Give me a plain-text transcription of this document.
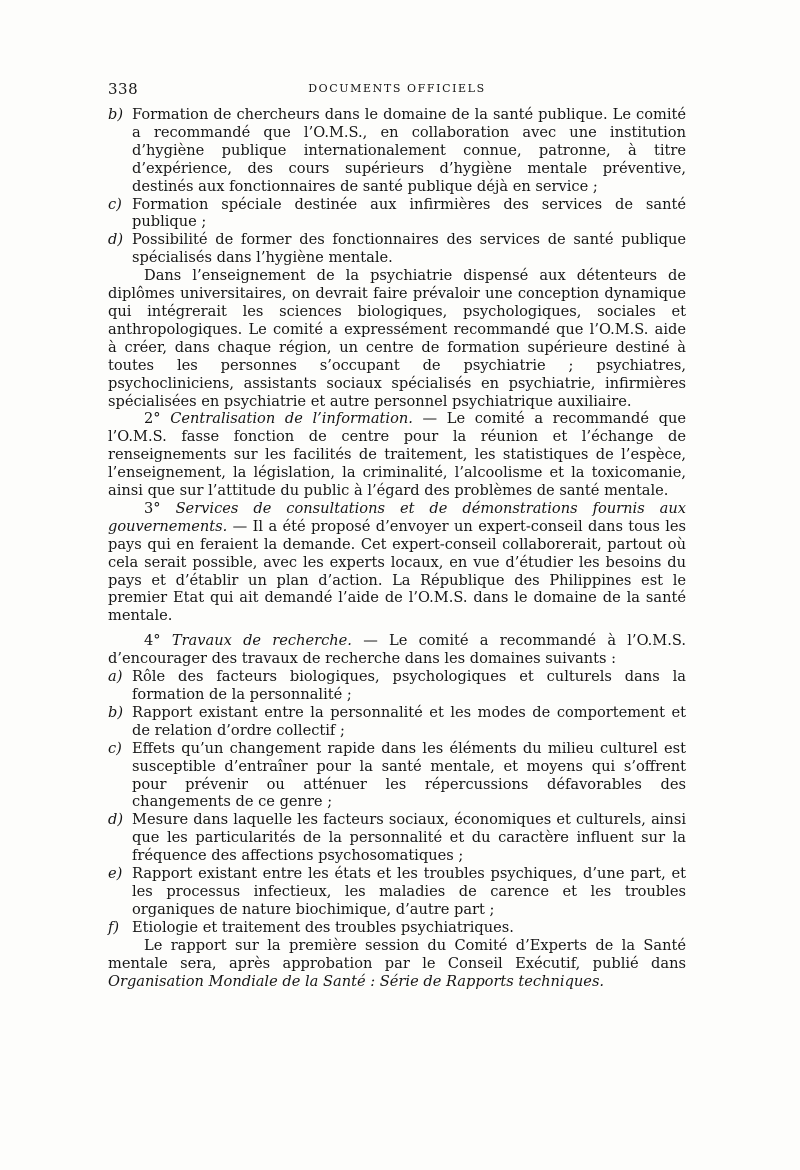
338	DOCUMENTS OFFICIELS

b) Formation de chercheurs dans le domaine de la santé publique. Le comité a recommandé que l’O.M.S., en collaboration avec une institution d’hygiène publique internationalement connue, patronne, à titre d’expérience, des cours supérieurs d’hygiène mentale préventive, destinés aux fonctionnaires de santé publique déjà en service ;

c) Formation spéciale destinée aux infirmières des services de santé publique ;

d) Possibilité de former des fonctionnaires des services de santé publique spécialisés dans l’hygiène mentale.

Dans l’enseignement de la psychiatrie dispensé aux détenteurs de diplômes universitaires, on devrait faire prévaloir une conception dynamique qui intégrerait les sciences biologiques, psychologiques, sociales et anthropologiques. Le comité a expressément recommandé que l’O.M.S. aide à créer, dans chaque région, un centre de formation supérieure destiné à toutes les personnes s’occupant de psychiatrie ; psychiatres, psychocliniciens, assistants sociaux spécialisés en psychiatrie, infirmières spécialisées en psychiatrie et autre personnel psychiatrique auxiliaire.

2° Centralisation de l’information. — Le comité a recommandé que l’O.M.S. fasse fonction de centre pour la réunion et l’échange de renseignements sur les facilités de traitement, les statistiques de l’espèce, l’enseignement, la législation, la criminalité, l’alcoolisme et la toxicomanie, ainsi que sur l’attitude du public à l’égard des problèmes de santé mentale.

3° Services de consultations et de démonstrations fournis aux gouvernements. — Il a été proposé d’envoyer un expert-conseil dans tous les pays qui en feraient la demande. Cet expert-conseil collaborerait, partout où cela serait possible, avec les experts locaux, en vue d’étudier les besoins du pays et d’établir un plan d’action. La République des Philippines est le premier Etat qui ait demandé l’aide de l’O.M.S. dans le domaine de la santé mentale.

4° Travaux de recherche. — Le comité a recommandé à l’O.M.S. d’encourager des travaux de recherche dans les domaines suivants :

a) Rôle des facteurs biologiques, psychologiques et culturels dans la formation de la personnalité ;

b) Rapport existant entre la personnalité et les modes de comportement et de relation d’ordre collectif ;

c) Effets qu’un changement rapide dans les éléments du milieu culturel est susceptible d’entraîner pour la santé mentale, et moyens qui s’offrent pour prévenir ou atténuer les répercussions défavorables des changements de ce genre ;

d) Mesure dans laquelle les facteurs sociaux, économiques et culturels, ainsi que les particularités de la personnalité et du caractère influent sur la fréquence des affections psychosomatiques ;

e) Rapport existant entre les états et les troubles psychiques, d’une part, et les processus infectieux, les maladies de carence et les troubles organiques de nature biochimique, d’autre part ;

f) Etiologie et traitement des troubles psychiatriques.

Le rapport sur la première session du Comité d’Experts de la Santé mentale sera, après approbation par le Conseil Exécutif, publié dans Organisation Mondiale de la Santé : Série de Rapports techniques.
